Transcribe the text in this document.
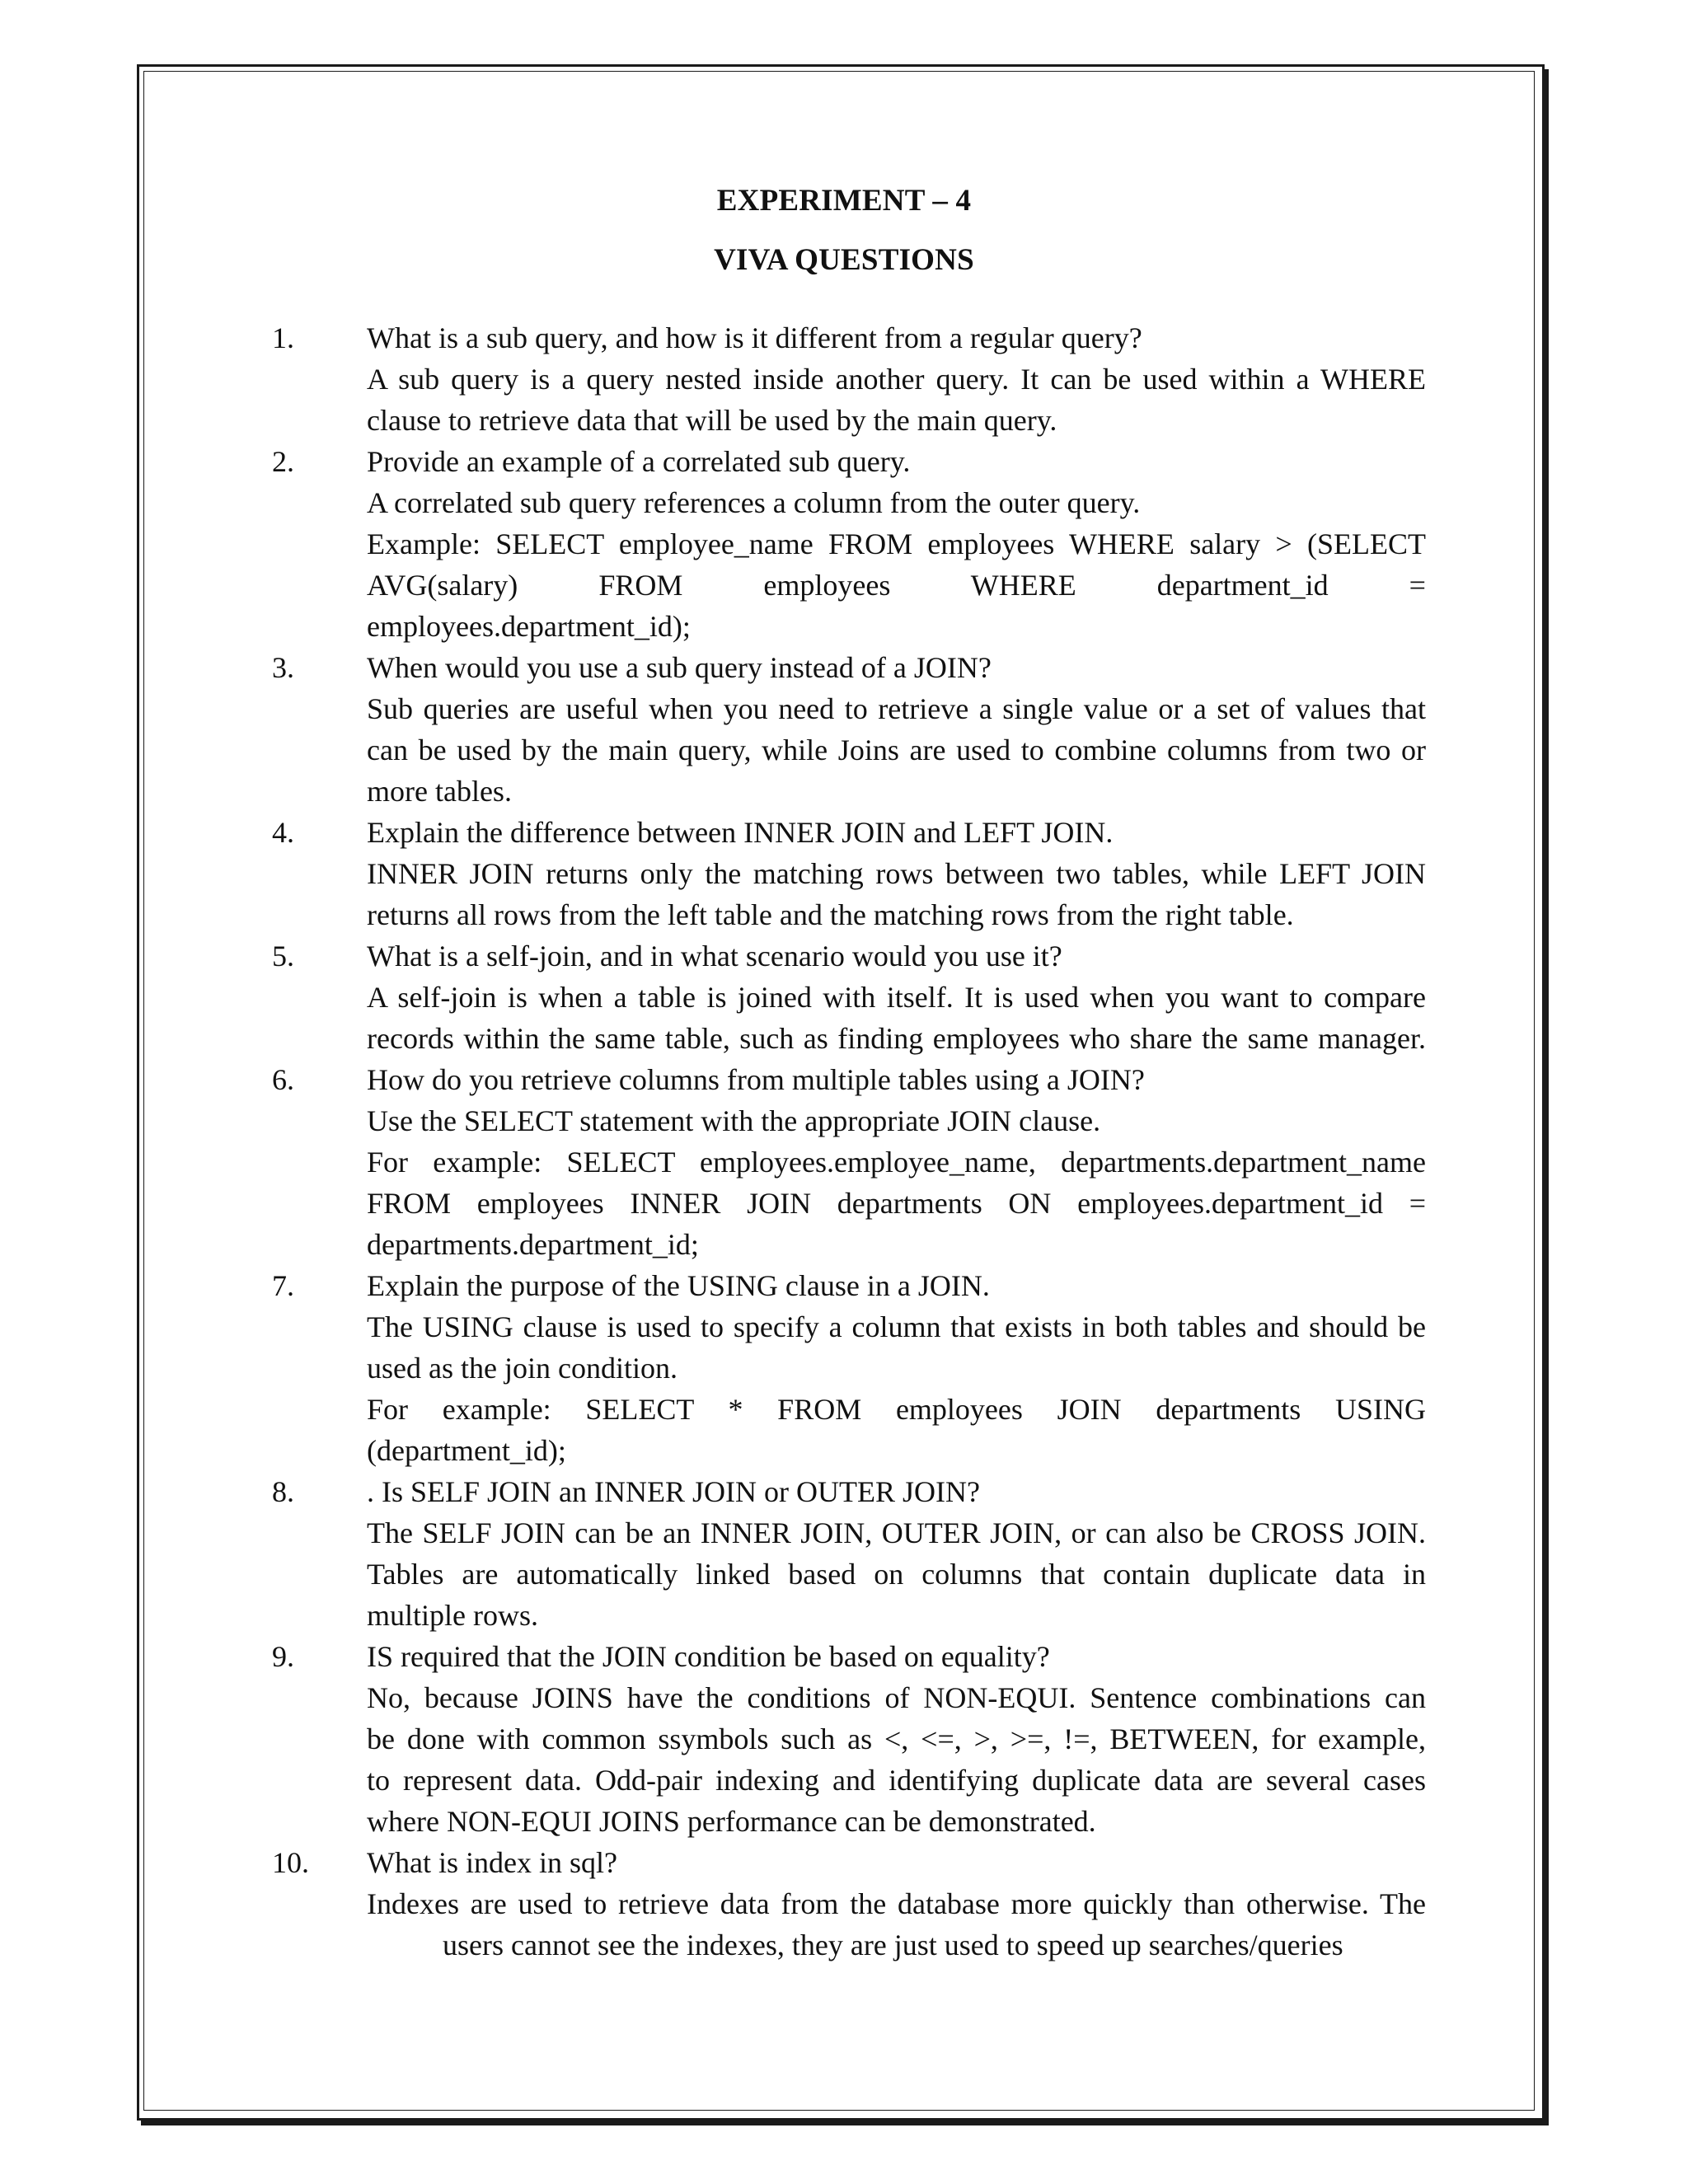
EXPERIMENT – 4
VIVA QUESTIONS
1. What is a sub query, and how is it different from a regular query?
A sub query is a query nested inside another query. It can be used within a WHERE
clause to retrieve data that will be used by the main query.
2. Provide an example of a correlated sub query.
A correlated sub query references a column from the outer query.
Example: SELECT employee_name FROM employees WHERE salary > (SELECT
AVG(salary) FROM employees WHERE department_id =
employees.department_id);
3. When would you use a sub query instead of a JOIN?
Sub queries are useful when you need to retrieve a single value or a set of values that
can be used by the main query, while Joins are used to combine columns from two or
more tables.
4. Explain the difference between INNER JOIN and LEFT JOIN.
INNER JOIN returns only the matching rows between two tables, while LEFT JOIN
returns all rows from the left table and the matching rows from the right table.
5. What is a self-join, and in what scenario would you use it?
A self-join is when a table is joined with itself. It is used when you want to compare
records within the same table, such as finding employees who share the same manager.
6. How do you retrieve columns from multiple tables using a JOIN?
Use the SELECT statement with the appropriate JOIN clause.
For example: SELECT employees.employee_name, departments.department_name
FROM employees INNER JOIN departments ON employees.department_id =
departments.department_id;
7. Explain the purpose of the USING clause in a JOIN.
The USING clause is used to specify a column that exists in both tables and should be
used as the join condition.
For example: SELECT * FROM employees JOIN departments USING
(department_id);
8. . Is SELF JOIN an INNER JOIN or OUTER JOIN?
The SELF JOIN can be an INNER JOIN, OUTER JOIN, or can also be CROSS JOIN.
Tables are automatically linked based on columns that contain duplicate data in
multiple rows.
9. IS required that the JOIN condition be based on equality?
No, because JOINS have the conditions of NON-EQUI. Sentence combinations can
be done with common ssymbols such as <, <=, >, >=, !=, BETWEEN, for example,
to represent data. Odd-pair indexing and identifying duplicate data are several cases
where NON-EQUI JOINS performance can be demonstrated.
10. What is index in sql?
Indexes are used to retrieve data from the database more quickly than otherwise. The
users cannot see the indexes, they are just used to speed up searches/queries
